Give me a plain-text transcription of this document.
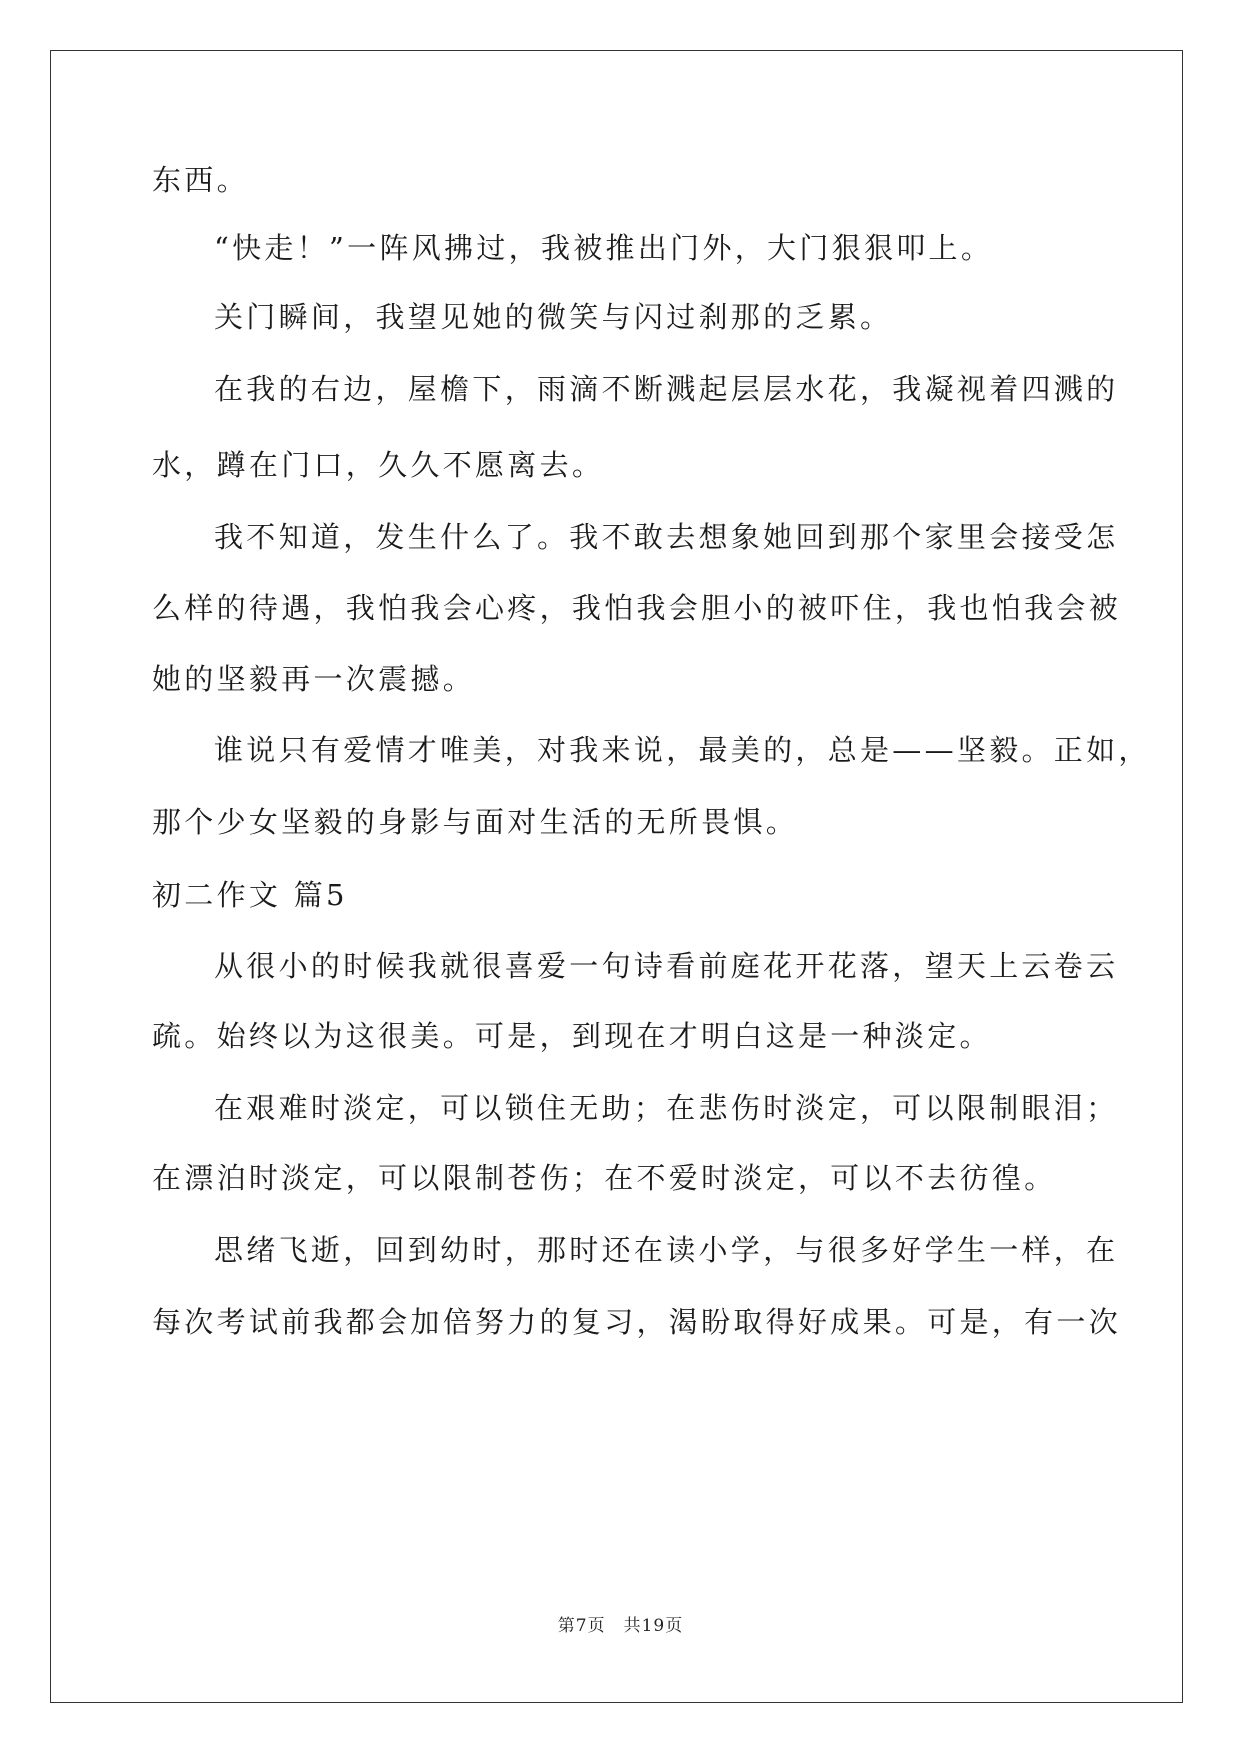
东西。
“快走！”一阵风拂过，我被推出门外，大门狠狠叩上。
关门瞬间，我望见她的微笑与闪过刹那的乏累。
在我的右边，屋檐下，雨滴不断溅起层层水花，我凝视着四溅的
水，蹲在门口，久久不愿离去。
我不知道，发生什么了。我不敢去想象她回到那个家里会接受怎
么样的待遇，我怕我会心疼，我怕我会胆小的被吓住，我也怕我会被
她的坚毅再一次震撼。
谁说只有爱情才唯美，对我来说，最美的，总是——坚毅。正如，
那个少女坚毅的身影与面对生活的无所畏惧。
初二作文 篇5
从很小的时候我就很喜爱一句诗看前庭花开花落，望天上云卷云
疏。始终以为这很美。可是，到现在才明白这是一种淡定。
在艰难时淡定，可以锁住无助；在悲伤时淡定，可以限制眼泪；
在漂泊时淡定，可以限制苍伤；在不爱时淡定，可以不去彷徨。
思绪飞逝，回到幼时，那时还在读小学，与很多好学生一样，在
每次考试前我都会加倍努力的复习，渴盼取得好成果。可是，有一次
第7页　共19页
